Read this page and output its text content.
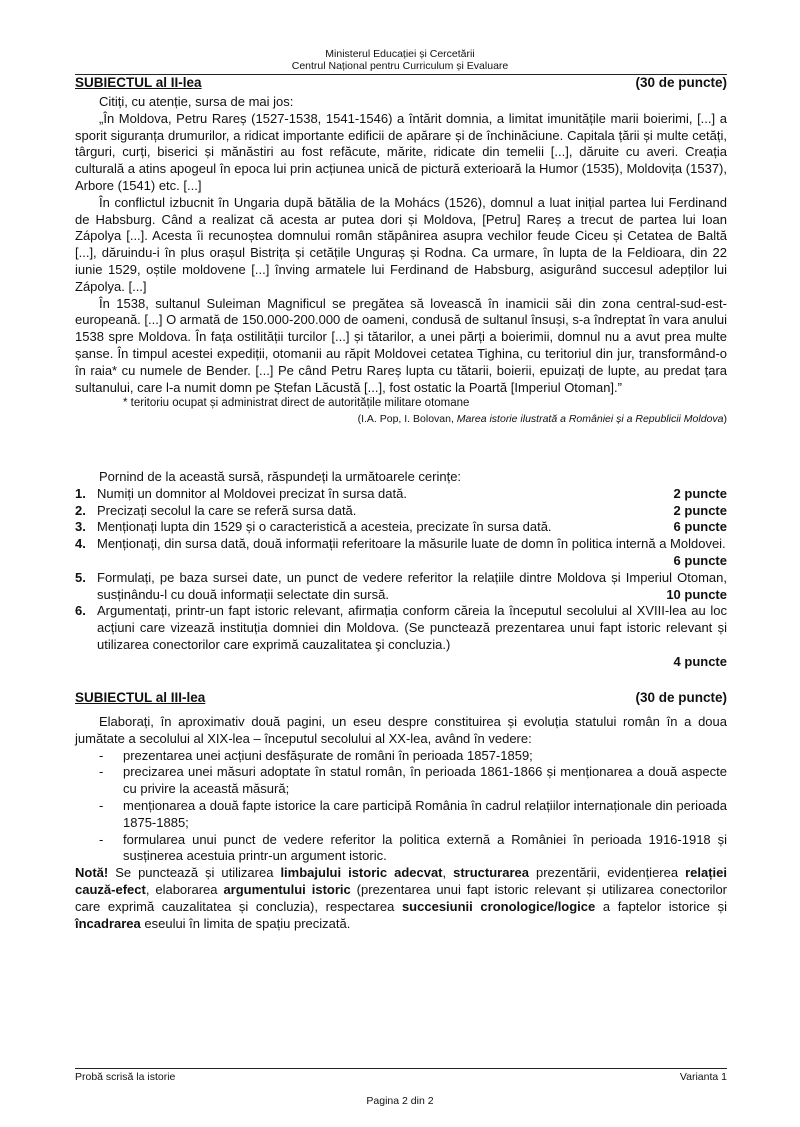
Ministerul Educației și Cercetării
Centrul Național pentru Curriculum și Evaluare
SUBIECTUL al II-lea	(30 de puncte)

Citiți, cu atenție, sursa de mai jos:

„În Moldova, Petru Rareș (1527-1538, 1541-1546) a întărit domnia, a limitat imunitățile marii boierimi, [...] a sporit siguranța drumurilor, a ridicat importante edificii de apărare și de închinăciune. Capitala țării și multe cetăți, târguri, curți, biserici și mănăstiri au fost refăcute, mărite, ridicate din temelii [...], dăruite cu averi. Creația culturală a atins apogeul în epoca lui prin acțiunea unică de pictură exterioară la Humor (1535), Moldovița (1537), Arbore (1541) etc. [...]

În conflictul izbucnit în Ungaria după bătălia de la Mohács (1526), domnul a luat inițial partea lui Ferdinand de Habsburg. Când a realizat că acesta ar putea dori și Moldova, [Petru] Rareș a trecut de partea lui Ioan Zápolya [...]. Acesta îi recunoștea domnului român stăpânirea asupra vechilor feude Ciceu și Cetatea de Baltă [...], dăruindu-i în plus orașul Bistrița și cetățile Unguraș și Rodna. Ca urmare, în lupta de la Feldioara, din 22 iunie 1529, oștile moldovene [...] înving armatele lui Ferdinand de Habsburg, asigurând succesul adepților lui Zápolya. [...]

În 1538, sultanul Suleiman Magnificul se pregătea să lovească în inamicii săi din zona central-sud-est-europeană. [...] O armată de 150.000-200.000 de oameni, condusă de sultanul însuși, s-a îndreptat în vara anului 1538 spre Moldova. În fața ostilității turcilor [...] și tătarilor, a unei părți a boierimii, domnul nu a avut prea multe șanse. În timpul acestei expediții, otomanii au răpit Moldovei cetatea Tighina, cu teritoriul din jur, transformând-o în raia* cu numele de Bender. [...] Pe când Petru Rareș lupta cu tătarii, boierii, epuizați de lupte, au predat țara sultanului, care l-a numit domn pe Ștefan Lăcustă [...], fost ostatic la Poartă [Imperiul Otoman].”

* teritoriu ocupat și administrat direct de autoritățile militare otomane

(I.A. Pop, I. Bolovan, Marea istorie ilustrată a României și a Republicii Moldova)

Pornind de la această sursă, răspundeți la următoarele cerințe:

1. Numiți un domnitor al Moldovei precizat în sursa dată.	2 puncte
2. Precizați secolul la care se referă sursa dată.	2 puncte
3. Menționați lupta din 1529 și o caracteristică a acesteia, precizate în sursa dată.	6 puncte
4. Menționați, din sursa dată, două informații referitoare la măsurile luate de domn în politica internă a Moldovei.
6 puncte
5. Formulați, pe baza sursei date, un punct de vedere referitor la relațiile dintre Moldova și Imperiul Otoman, susținându-l cu două informații selectate din sursă.	10 puncte
6. Argumentați, printr-un fapt istoric relevant, afirmația conform căreia la începutul secolului al XVIII-lea au loc acțiuni care vizează instituția domniei din Moldova. (Se punctează prezentarea unui fapt istoric relevant și utilizarea conectorilor care exprimă cauzalitatea şi concluzia.)
4 puncte
SUBIECTUL al III-lea	(30 de puncte)

Elaborați, în aproximativ două pagini, un eseu despre constituirea și evoluția statului român în a doua jumătate a secolului al XIX-lea – începutul secolului al XX-lea, având în vedere:

- prezentarea unei acțiuni desfășurate de români în perioada 1857-1859;

- precizarea unei măsuri adoptate în statul român, în perioada 1861-1866 și menționarea a două aspecte cu privire la această măsură;

- menționarea a două fapte istorice la care participă România în cadrul relațiilor internaționale din perioada 1875-1885;

- formularea unui punct de vedere referitor la politica externă a României în perioada 1916-1918 și susținerea acestuia printr-un argument istoric.

Notă! Se punctează și utilizarea limbajului istoric adecvat, structurarea prezentării, evidențierea relației cauză-efect, elaborarea argumentului istoric (prezentarea unui fapt istoric relevant și utilizarea conectorilor care exprimă cauzalitatea și concluzia), respectarea succesiunii cronologice/logice a faptelor istorice și încadrarea eseului în limita de spațiu precizată.

Probă scrisă la istorie	Varianta 1
Pagina 2 din 2
